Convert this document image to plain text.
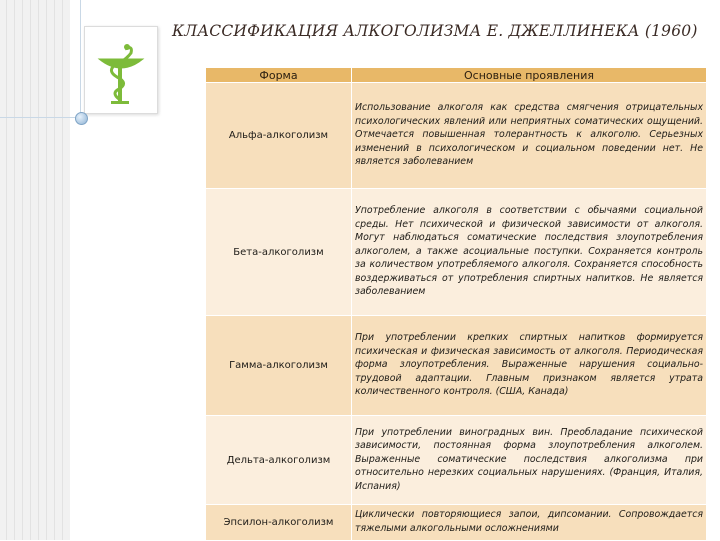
КЛАССИФИКАЦИЯ АЛКОГОЛИЗМА Е. ДЖЕЛЛИНЕКА (1960)
Форма	Основные проявления
Альфа-алкоголизм	Использование алкоголя как средства смягчения отрицательных психологических явлений или неприятных соматических ощущений. Отмечается повышенная толерантность к алкоголю. Серьезных изменений в психологическом и социальном поведении нет. Не является заболеванием
Бета-алкоголизм	Употребление алкоголя в соответствии с обычаями социальной среды. Нет психической и физической зависимости от алкоголя. Могут наблюдаться соматические последствия злоупотребления алкоголем, а также асоциальные поступки. Сохраняется контроль за количеством употребляемого алкоголя. Сохраняется способность воздерживаться от употребления спиртных напитков. Не является заболеванием
Гамма-алкоголизм	При употреблении крепких спиртных напитков формируется психическая и физическая зависимость от алкоголя. Периодическая форма злоупотребления. Выраженные нарушения социально-трудовой адаптации. Главным признаком является утрата количественного контроля. (США, Канада)
Дельта-алкоголизм	При употреблении виноградных вин. Преобладание психической зависимости, постоянная форма злоупотребления алкоголем. Выраженные соматические последствия алкоголизма при относительно нерезких социальных нарушениях. (Франция, Италия, Испания)
Эпсилон-алкоголизм	Циклически повторяющиеся запои, дипсомании. Сопровождается тяжелыми алкогольными осложнениями
